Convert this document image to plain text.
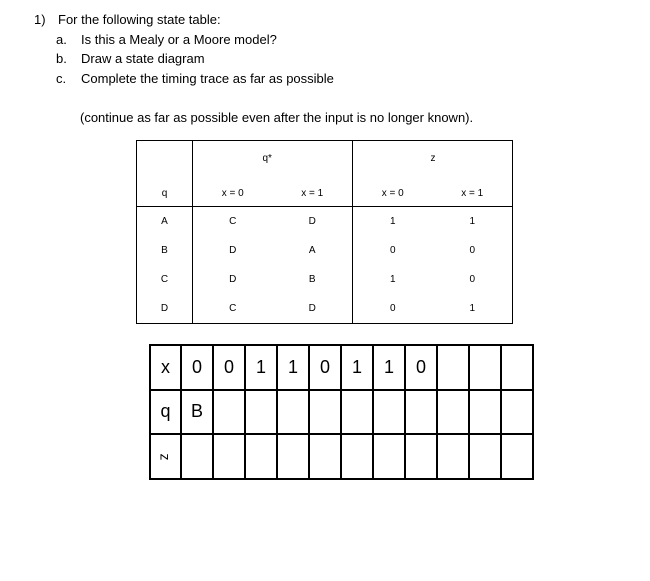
1) For the following state table:
a. Is this a Mealy or a Moore model?
b. Draw a state diagram
c. Complete the timing trace as far as possible
(continue as far as possible even after the input is no longer known).
		q*		z
q	x = 0	x = 1	x = 0	x = 1
A	C	D	1	1
B	D	A	0	0
C	D	B	1	0
D	C	D	0	1
x	0	0	1	1	0	1	1	0			
q	B										
z											
